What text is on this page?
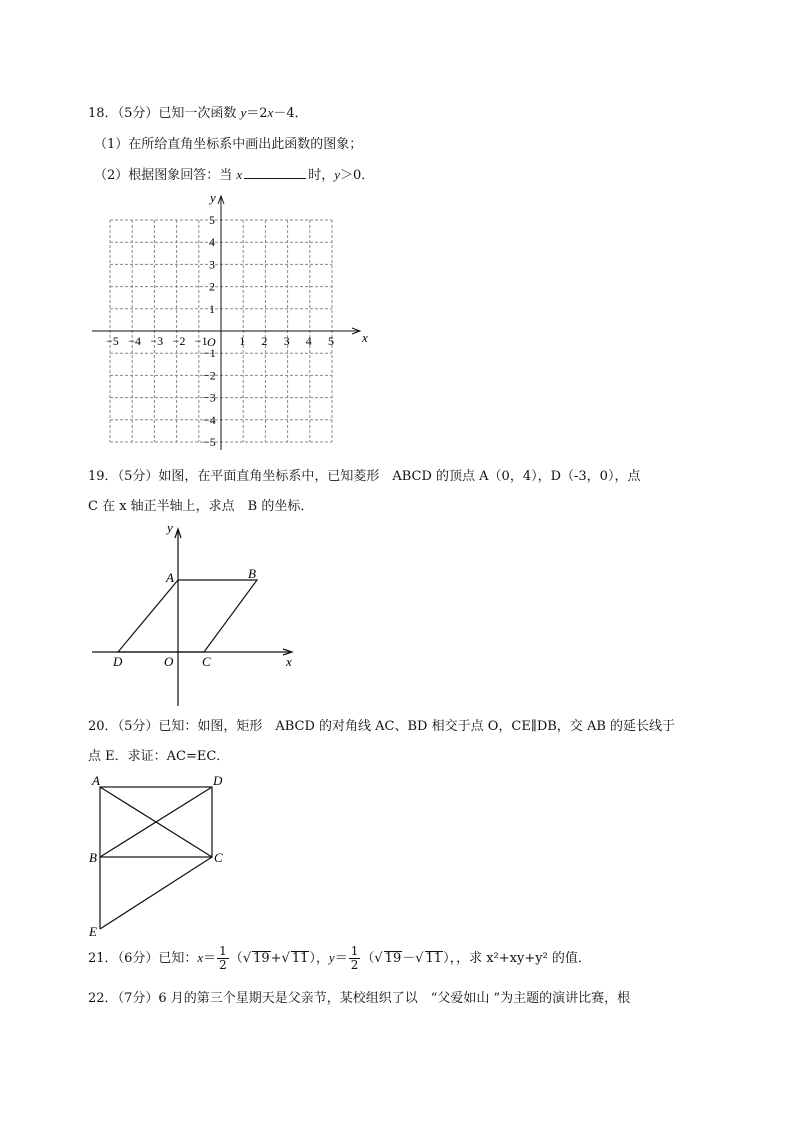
18．（5分）已知一次函数 y＝2x－4．
（1）在所给直角坐标系中画出此函数的图象；
（2）根据图象回答：当 x	时，y＞0．
x
y
O
−5 −4 −3 −2 −1	1 2 3 4 5
5
4
3
2
1
−1
−2
−3
−4
−5
19．（5分）如图，在平面直角坐标系中，已知菱形　ABCD 的顶点 A（0，4），D（-3，0），点
C 在 x 轴正半轴上，求点　B 的坐标．
y
A	B
D	O C	x
20．（5分）已知：如图，矩形　ABCD 的对角线 AC、BD 相交于点 O，CE∥DB，交 AB 的延长线于
点 E．求证：AC=EC．
A	D
B	C
E
21．（6分）已知：$x= \frac{1}{2}$ （√ 19+√ 11），$y= \frac{1}{2}$ （√ 19－√ 11），，求 x²+xy+y² 的值．
22．（7分）6 月的第三个星期天是父亲节，某校组织了以　“父爱如山 ”为主题的演讲比赛，根
